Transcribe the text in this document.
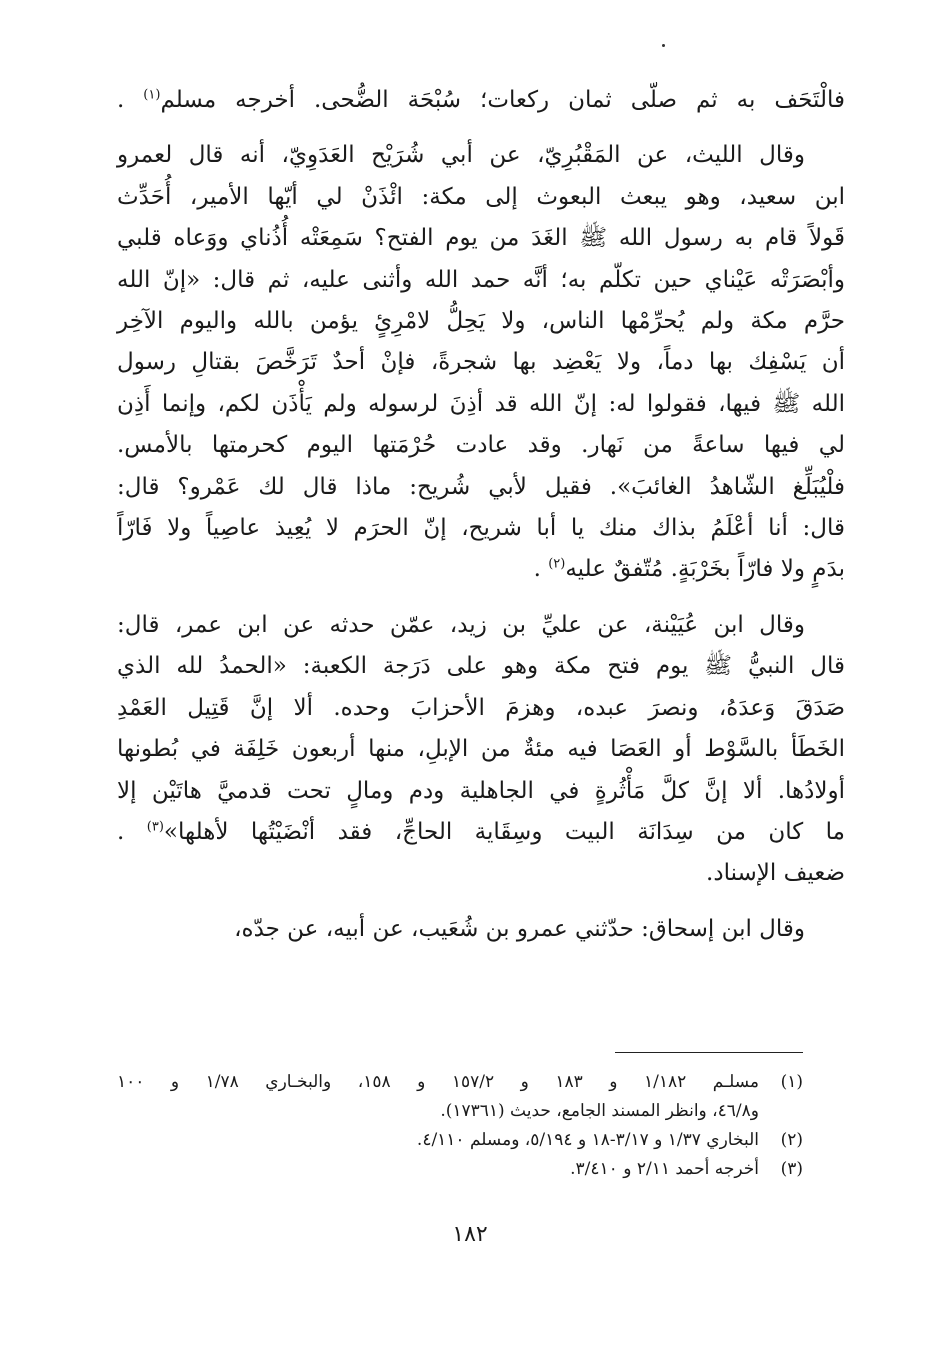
فالْتَحَف به ثم صلّى ثمان ركعات؛ سُبْحَة الضُّحى. أخرجه مسلم$^{(١)}$ .

وقال الليث، عن المَقْبُرِيّ، عن أبي شُرَيْح العَدَوِيّ، أنه قال لعمرو

ابن سعيد، وهو يبعث البعوث إلى مكة: ائْذَنْ لي أيّها الأمير، أُحَدِّث
قَولاً قام به رسول الله ﷺ الغَدَ من يوم الفتح؟ سَمِعَتْه أُذُناي ووَعاه قلبي
وأبْصَرَتْه عَيْناي حين تكلّم به؛ أنَّه حمد الله وأثنى عليه، ثم قال: «إنّ الله
حرَّم مكة ولم يُحرِّمْها الناس، ولا يَحِلُّ لامْرِئٍ يؤمن بالله واليوم الآخِر
أن يَسْفِك بها دماً، ولا يَعْضِد بها شجرةً، فإنْ أحدٌ تَرَخَّصَ بقتالِ رسول
الله ﷺ فيها، فقولوا له: إنّ الله قد أذِنَ لرسوله ولم يَأْذَن لكم، وإنما أَذِن
لي فيها ساعةً من نَهار. وقد عادت حُرْمَتها اليوم كحرمتها بالأمس.
فلْيُبَلِّغ الشّاهدُ الغائبَ». فقيل لأبي شُريح: ماذا قال لك عَمْرو؟ قال:
قال: أنا أعْلَمُ بذاك منك يا أبا شريح، إنّ الحرَم لا يُعِيذ عاصِياً ولا فَارّاً
بدَمٍ ولا فارّاً بخَرْبَةٍ. مُتّفقٌ عليه$^{(٢)}$ .

وقال ابن عُيَيْنة، عن عليِّ بن زيد، عمّن حدثه عن ابن عمر، قال:

قال النبيُّ ﷺ يوم فتح مكة وهو على دَرَجة الكعبة: «الحمدُ لله الذي
صَدَقَ وَعدَهُ، ونصرَ عبده، وهزمَ الأحزابَ وحده. ألا إنَّ قَتِيل العَمْدِ
الخَطَأ بالسَّوْط أو العَصَا فيه مئةٌ من الإبلِ، منها أربعون خَلِفَة في بُطونها
أولادُها. ألا إنَّ كلَّ مَأْثُرةٍ في الجاهلية ودم ومالٍ تحت قدميَّ هاتَيْن إلا
ما كان من سِدَانَة البيت وسِقَاية الحاجِّ، فقد أنْضَيْتُها لأهلها»$^{(٣)}$ .
ضعيف الإسناد.

وقال ابن إسحاق: حدّثني عمرو بن شُعَيب، عن أبيه، عن جدّه،

(١)
مسلـم ١/١٨٢ و ١٨٣ و ١٥٧/٢ و ١٥٨، والبخـاري ١/٧٨ و ١٠٠
و٤٦/٨، وانظر المسند الجامع، حديث (١٧٣٦١).
(٢)
البخاري ١/٣٧ و ٣/١٧-١٨ و ٥/١٩٤، ومسلم ٤/١١٠.
(٣)
أخرجه أحمد ٢/١١ و ٣/٤١٠.
١٨٢
